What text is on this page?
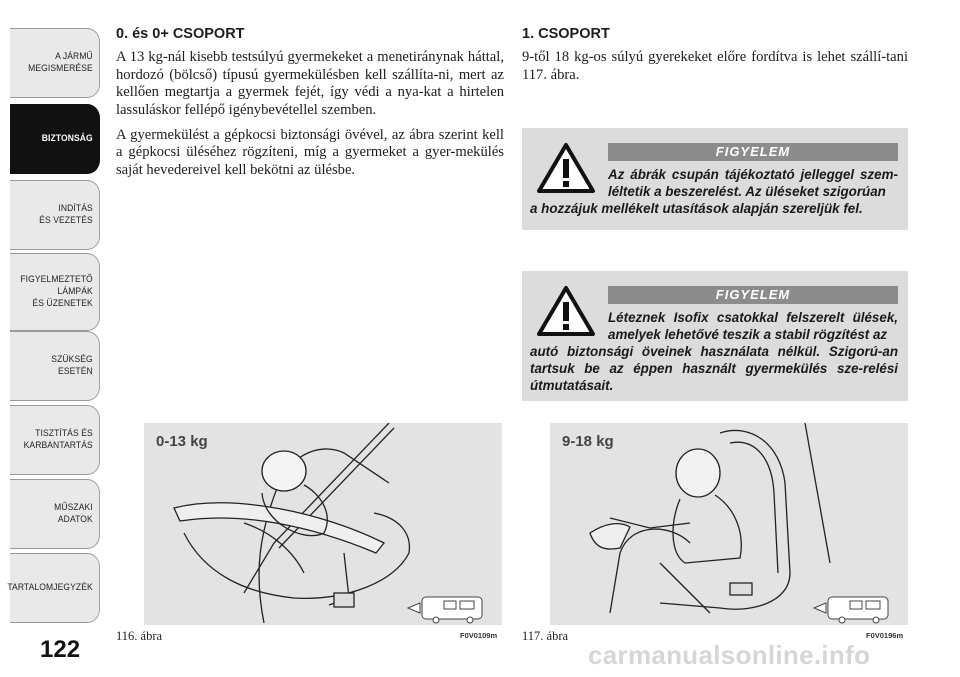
A JÁRMŰ
MEGISMERÉSE
BIZTONSÁG
INDÍTÁS
ÉS VEZETÉS
FIGYELMEZTETŐ
LÁMPÁK
ÉS ÜZENETEK
SZÜKSÉG
ESETÉN
TISZTÍTÁS ÉS
KARBANTARTÁS
MŰSZAKI
ADATOK
TARTALOMJEGYZÉK
122

0. és 0+ CSOPORT

A 13 kg-nál kisebb testsúlyú gyermekeket a menetiránynak háttal, hordozó (bölcső) típusú gyermekülésben kell szállíta-ni, mert az kellően megtartja a gyermek fejét, így védi a nya-kat a hirtelen lassuláskor fellépő igénybevétellel szemben.

A gyermekülést a gépkocsi biztonsági övével, az ábra szerint kell a gépkocsi üléséhez rögzíteni, míg a gyermeket a gyer-mekülés saját hevedereivel kell bekötni az ülésbe.

1. CSOPORT

9-től 18 kg-os súlyú gyerekeket előre fordítva is lehet szállí-tani 117. ábra.

FIGYELEM
Az ábrák csupán tájékoztató jelleggel szem-léltetik a beszerelést. Az üléseket szigorúan
a hozzájuk mellékelt utasítások alapján szereljük fel.
FIGYELEM
Léteznek Isofix csatokkal felszerelt ülések, amelyek lehetővé teszik a stabil rögzítést az
autó biztonsági öveinek használata nélkül. Szigorú-an tartsuk be az éppen használt gyermekülés sze-relési útmutatásait.
0-13 kg
116. ábra	F0V0109m
9-18 kg
117. ábra	F0V0196m
carmanualsonline.info
